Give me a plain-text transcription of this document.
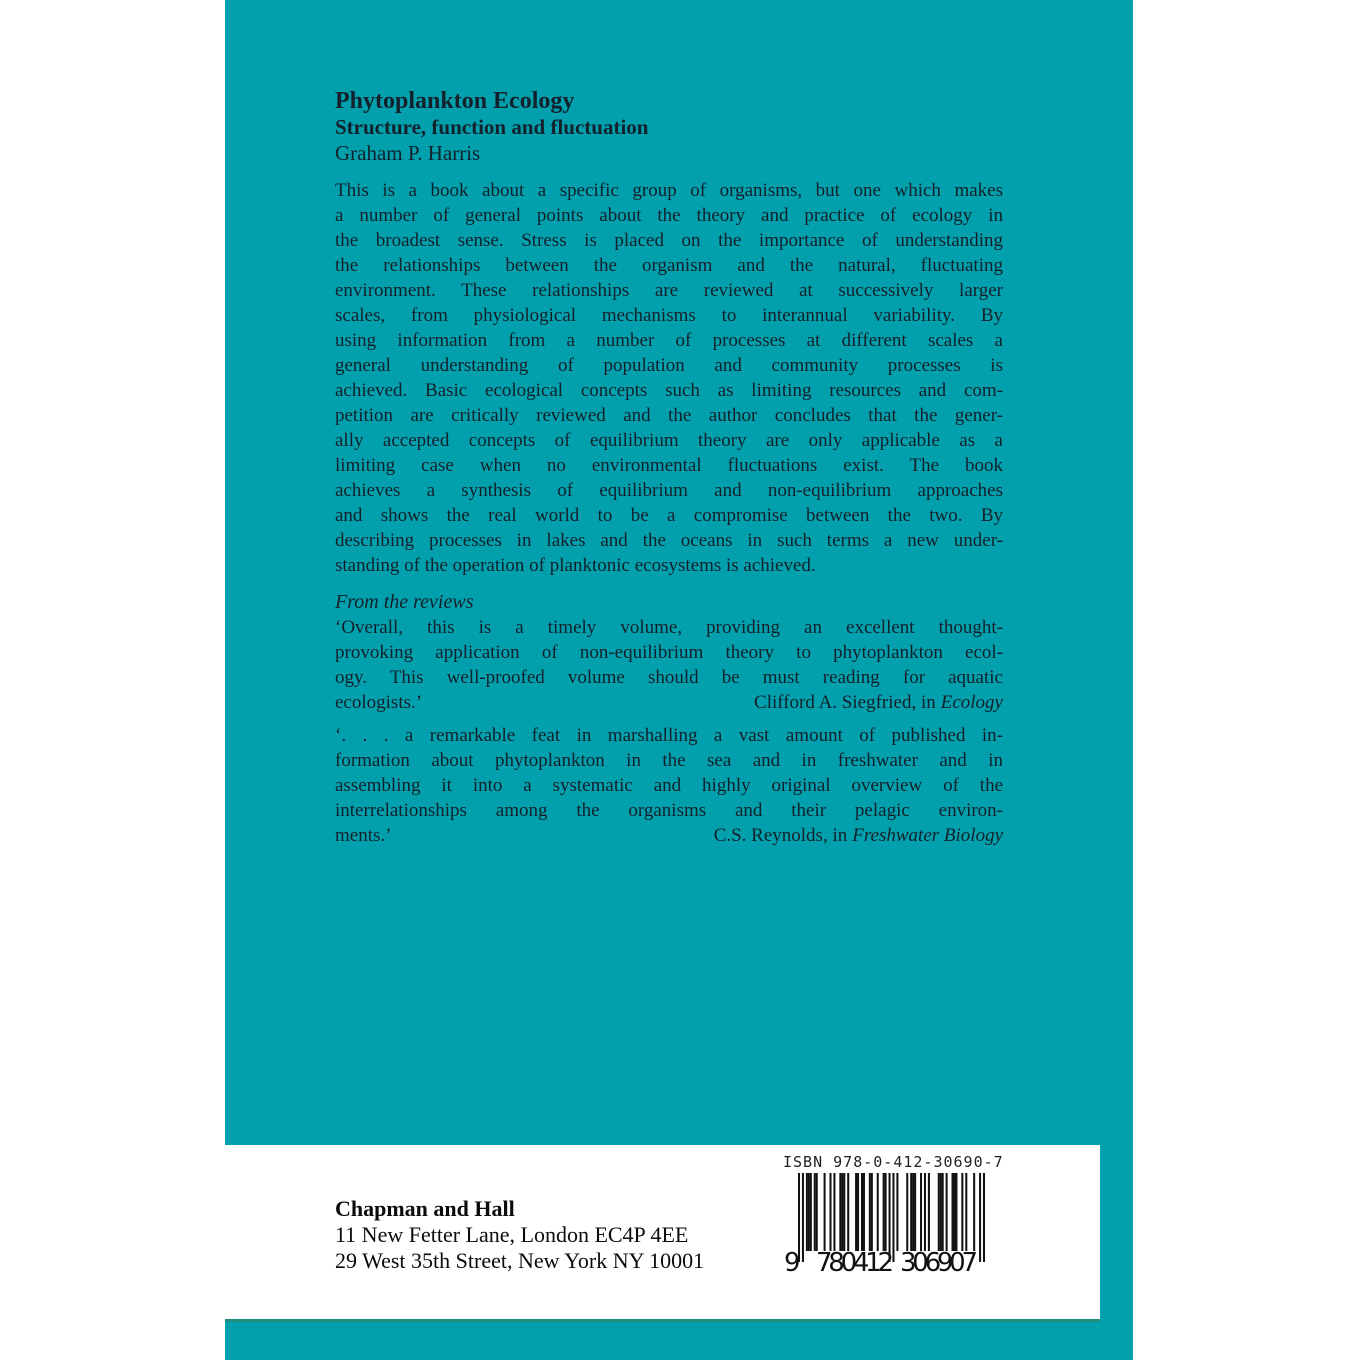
Phytoplankton Ecology
Structure, function and fluctuation
Graham P. Harris
This is a book about a specific group of organisms, but one which makes
a number of general points about the theory and practice of ecology in
the broadest sense. Stress is placed on the importance of understanding
the relationships between the organism and the natural, fluctuating
environment. These relationships are reviewed at successively larger
scales, from physiological mechanisms to interannual variability. By
using information from a number of processes at different scales a
general understanding of population and community processes is
achieved. Basic ecological concepts such as limiting resources and com-
petition are critically reviewed and the author concludes that the gener-
ally accepted concepts of equilibrium theory are only applicable as a
limiting case when no environmental fluctuations exist. The book
achieves a synthesis of equilibrium and non-equilibrium approaches
and shows the real world to be a compromise between the two. By
describing processes in lakes and the oceans in such terms a new under-
standing of the operation of planktonic ecosystems is achieved.
From the reviews
‘Overall, this is a timely volume, providing an excellent thought-
provoking application of non-equilibrium theory to phytoplankton ecol-
ogy. This well-proofed volume should be must reading for aquatic
ecologists.’	Clifford A. Siegfried, in Ecology
‘. . . a remarkable feat in marshalling a vast amount of published in-
formation about phytoplankton in the sea and in freshwater and in
assembling it into a systematic and highly original overview of the
interrelationships among the organisms and their pelagic environ-
ments.’	C.S. Reynolds, in Freshwater Biology
Chapman and Hall
11 New Fetter Lane, London EC4P 4EE
29 West 35th Street, New York NY 10001
ISBN 978-0-412-30690-7
9 780412 306907
